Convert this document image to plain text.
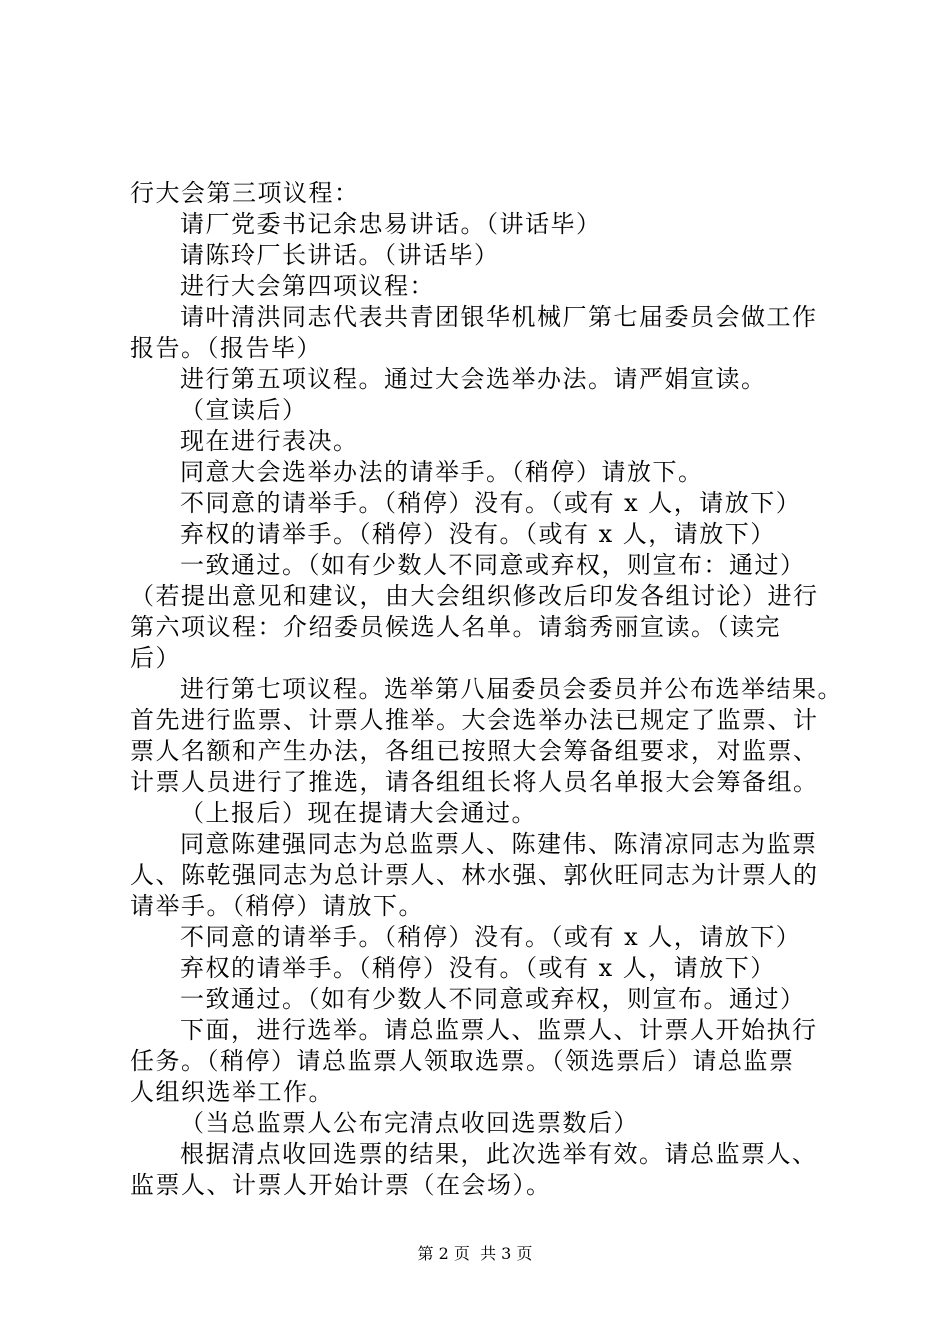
行大会第三项议程：
请厂党委书记余忠易讲话。（讲话毕）
请陈玲厂长讲话。（讲话毕）
进行大会第四项议程：
请叶清洪同志代表共青团银华机械厂第七届委员会做工作
报告。（报告毕）
进行第五项议程。通过大会选举办法。请严娟宣读。
（宣读后）
现在进行表决。
同意大会选举办法的请举手。（稍停）请放下。
不同意的请举手。（稍停）没有。（或有 x 人，请放下）
弃权的请举手。（稍停）没有。（或有 x 人，请放下）
一致通过。（如有少数人不同意或弃权，则宣布：通过）
（若提出意见和建议，由大会组织修改后印发各组讨论）进行
第六项议程：介绍委员候选人名单。请翁秀丽宣读。（读完
后）
进行第七项议程。选举第八届委员会委员并公布选举结果。
首先进行监票、计票人推举。大会选举办法已规定了监票、计
票人名额和产生办法，各组已按照大会筹备组要求，对监票、
计票人员进行了推选，请各组组长将人员名单报大会筹备组。
（上报后）现在提请大会通过。
同意陈建强同志为总监票人、陈建伟、陈清凉同志为监票
人、陈乾强同志为总计票人、林水强、郭伙旺同志为计票人的
请举手。（稍停）请放下。
不同意的请举手。（稍停）没有。（或有 x 人，请放下）
弃权的请举手。（稍停）没有。（或有 x 人，请放下）
一致通过。（如有少数人不同意或弃权，则宣布。通过）
下面，进行选举。请总监票人、监票人、计票人开始执行
任务。（稍停）请总监票人领取选票。（领选票后）请总监票
人组织选举工作。
（当总监票人公布完清点收回选票数后）
根据清点收回选票的结果，此次选举有效。请总监票人、
监票人、计票人开始计票（在会场）。
第 2 页  共 3 页
